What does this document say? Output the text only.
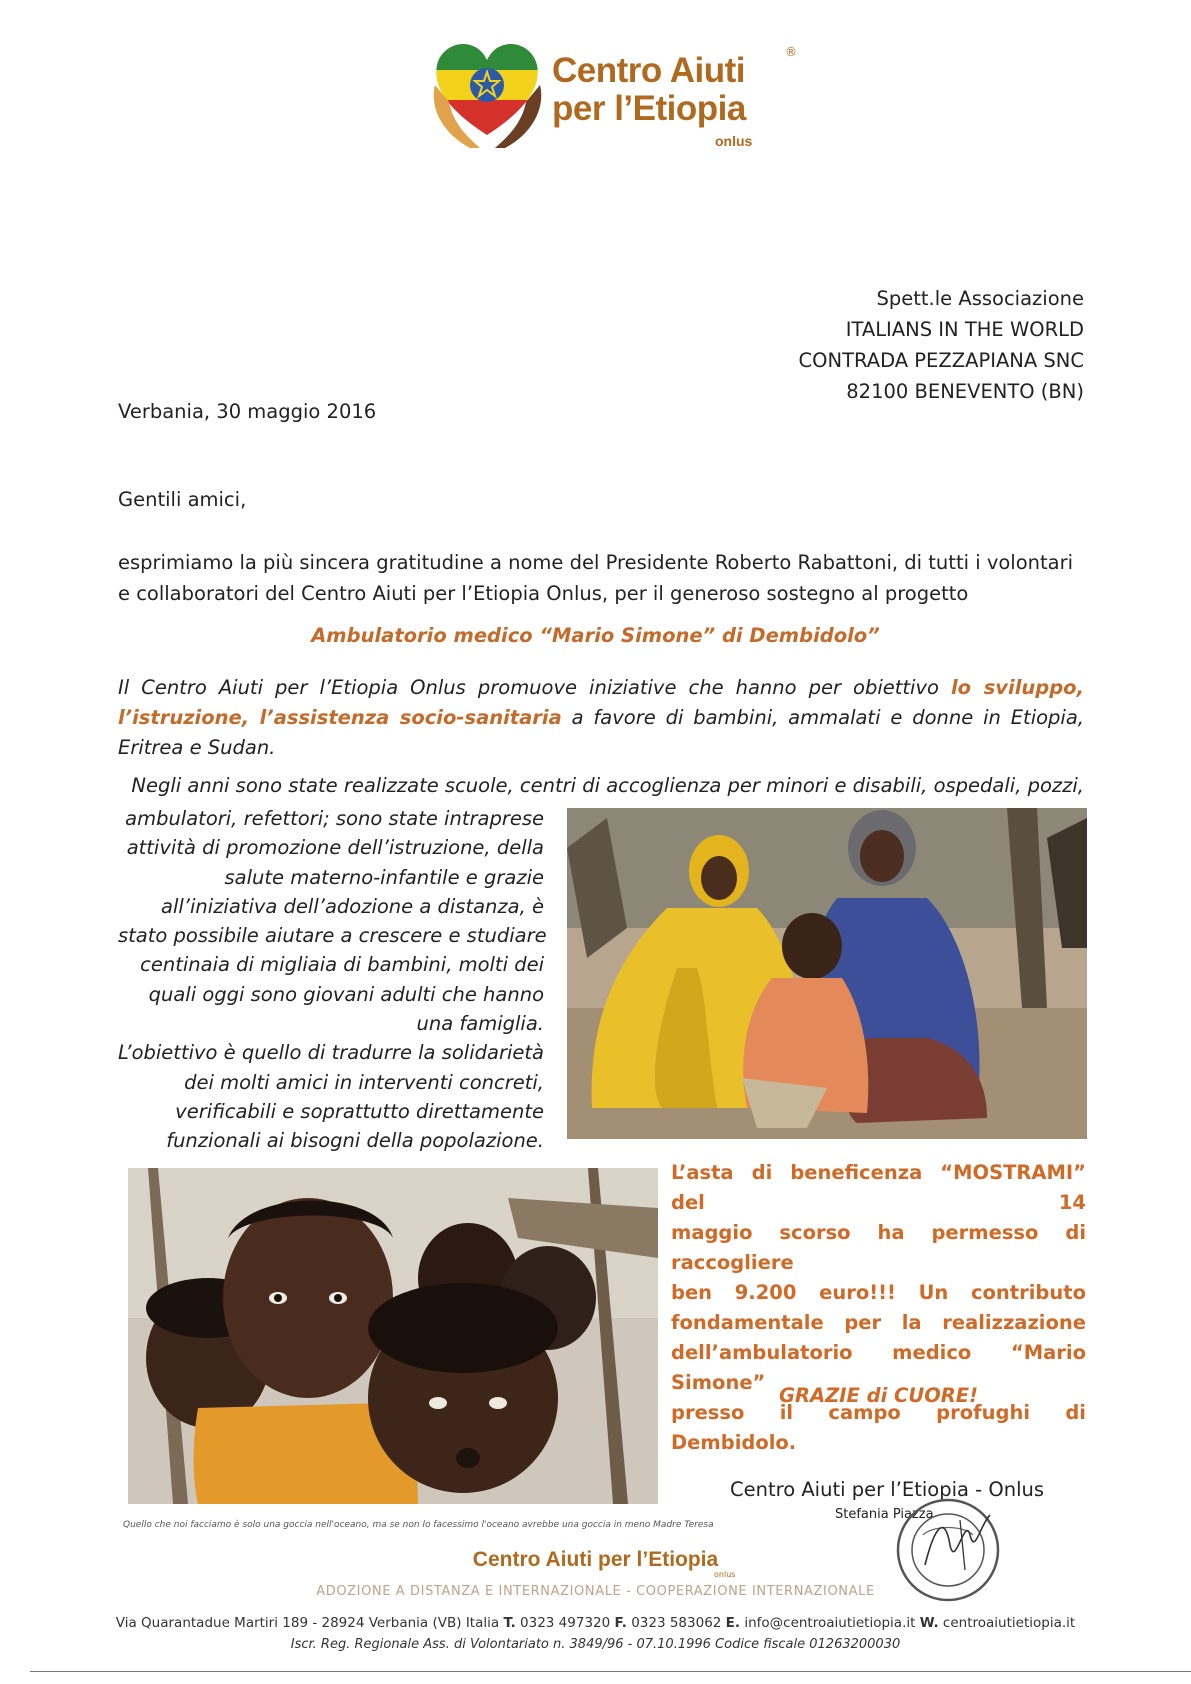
Centro Aiuti
per l’Etiopia
®
onlus
Spett.le Associazione
ITALIANS IN THE WORLD
CONTRADA PEZZAPIANA SNC
82100 BENEVENTO (BN)
Verbania, 30 maggio 2016
Gentili amici,
esprimiamo la più sincera gratitudine a nome del Presidente Roberto Rabattoni, di tutti i volontari e collaboratori del Centro Aiuti per l’Etiopia Onlus, per il generoso sostegno al progetto
Ambulatorio medico “Mario Simone” di Dembidolo”
Il Centro Aiuti per l’Etiopia Onlus promuove iniziative che hanno per obiettivo lo sviluppo, l’istruzione, l’assistenza socio-sanitaria a favore di bambini, ammalati e donne in Etiopia, Eritrea e Sudan.
Negli anni sono state realizzate scuole, centri di accoglienza per minori e disabili, ospedali, pozzi,
ambulatori, refettori; sono state intraprese
attività di promozione dell’istruzione, della
salute materno-infantile e grazie
all’iniziativa dell’adozione a distanza, è
stato possibile aiutare a crescere e studiare
centinaia di migliaia di bambini, molti dei
quali oggi sono giovani adulti che hanno
una famiglia.
L’obiettivo è quello di tradurre la solidarietà
dei molti amici in interventi concreti,
verificabili e soprattutto direttamente
funzionali ai bisogni della popolazione.
Quello che noi facciamo è solo una goccia nell'oceano, ma se non lo facessimo l'oceano avrebbe una goccia in meno Madre Teresa
L’asta di beneficenza “MOSTRAMI” del 14
maggio scorso ha permesso di raccogliere
ben 9.200 euro!!! Un contributo
fondamentale per la realizzazione
dell’ambulatorio medico “Mario Simone”
presso il campo profughi di Dembidolo.
GRAZIE di CUORE!
Centro Aiuti per l’Etiopia - Onlus
Stefania Piazza
Centro Aiuti per l’Etiopia
onlus
ADOZIONE A DISTANZA E INTERNAZIONALE - COOPERAZIONE INTERNAZIONALE
Via Quarantadue Martiri 189 - 28924 Verbania (VB) Italia T. 0323 497320 F. 0323 583062 E. info@centroaiutietiopia.it W. centroaiutietiopia.it
Iscr. Reg. Regionale Ass. di Volontariato n. 3849/96 - 07.10.1996 Codice fiscale 01263200030
